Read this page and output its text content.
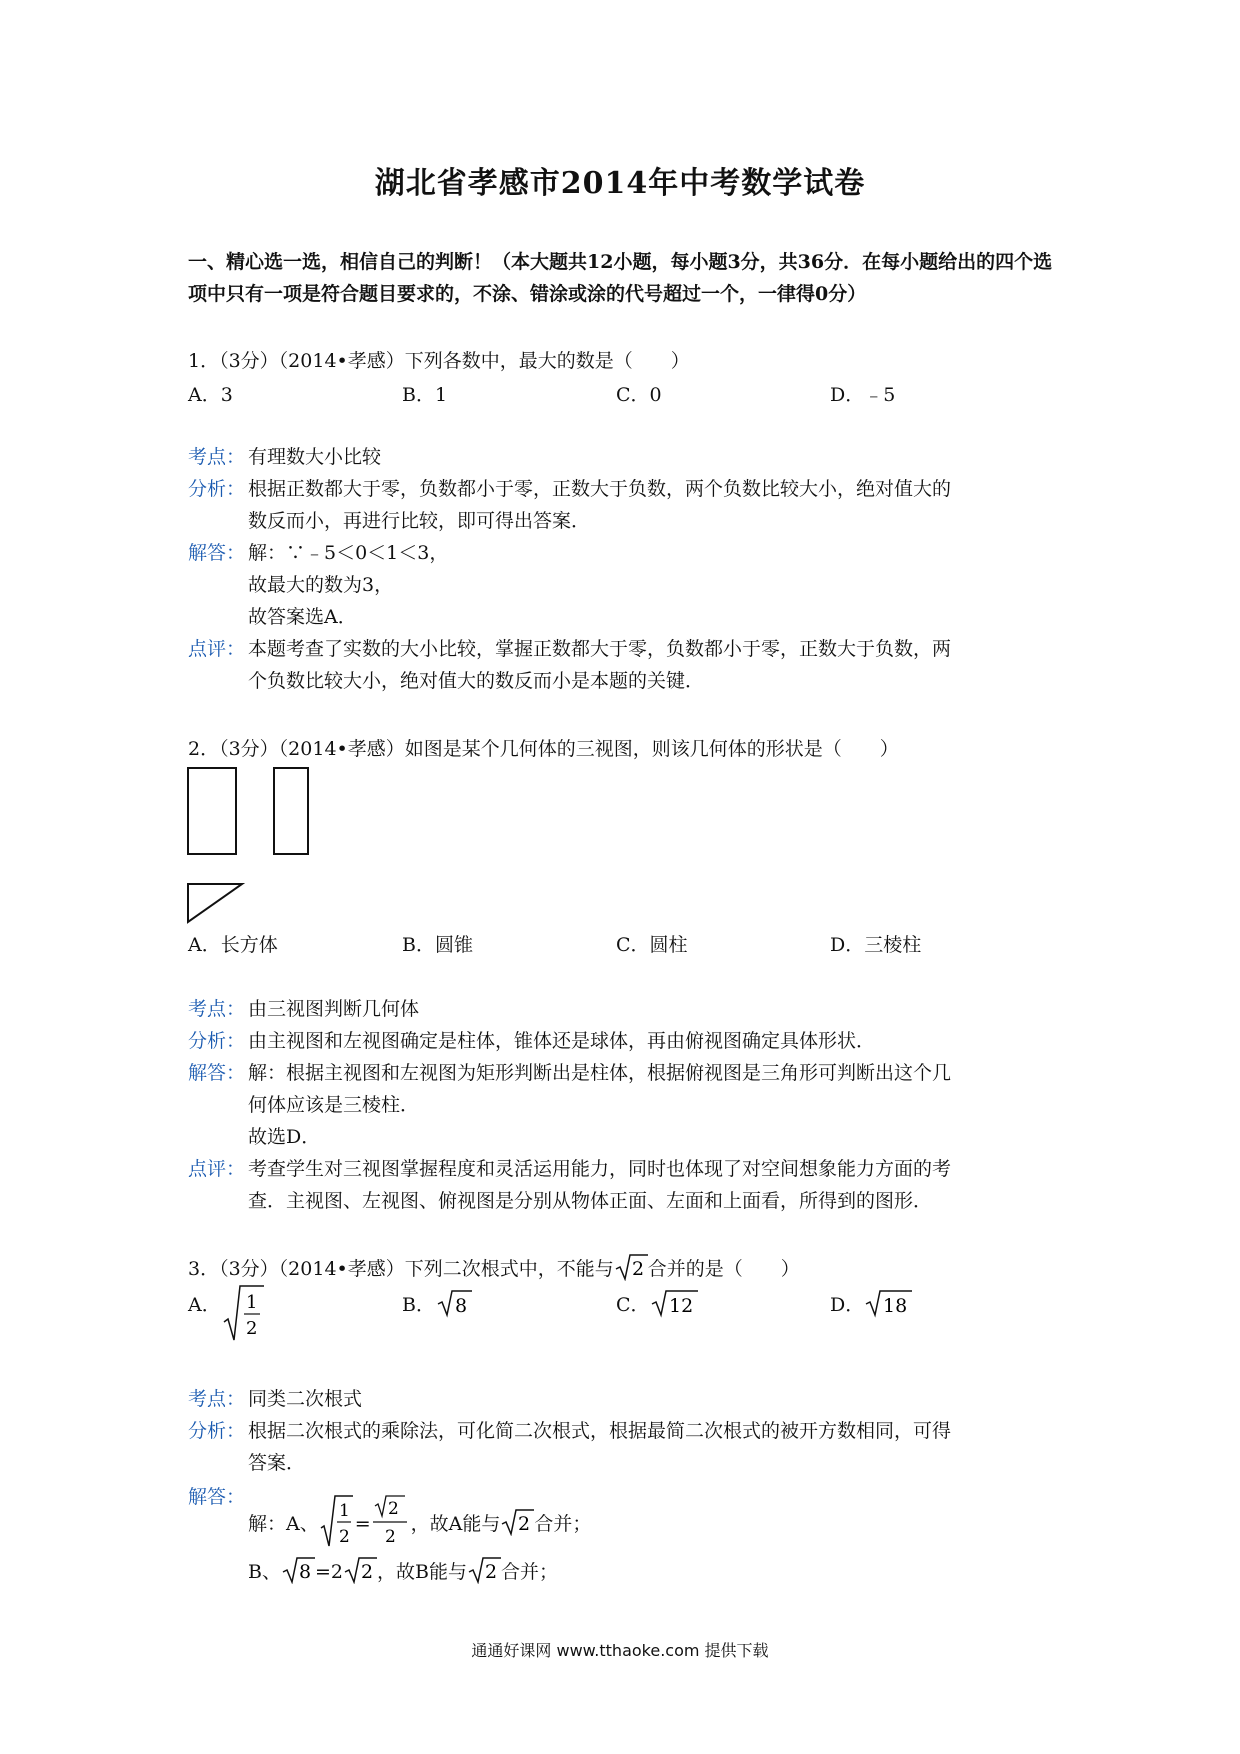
湖北省孝感市2014年中考数学试卷
一、精心选一选，相信自己的判断！（本大题共12小题，每小题3分，共36分．在每小题给出的四个选项中只有一项是符合题目要求的，不涂、错涂或涂的代号超过一个，一律得0分）
1．（3分）（2014•孝感）下列各数中，最大的数是（　　）
A．3	B．1	C．0	D．﹣5
考点： 有理数大小比较
分析： 根据正数都大于零，负数都小于零，正数大于负数，两个负数比较大小，绝对值大的
数反而小，再进行比较，即可得出答案．
解答： 解：∵﹣5＜0＜1＜3，
故最大的数为3，
故答案选A．
点评： 本题考查了实数的大小比较，掌握正数都大于零，负数都小于零，正数大于负数，两
个负数比较大小，绝对值大的数反而小是本题的关键．
2．（3分）（2014•孝感）如图是某个几何体的三视图，则该几何体的形状是（　　）
A．长方体	B．圆锥	C．圆柱	D．三棱柱
考点： 由三视图判断几何体
分析： 由主视图和左视图确定是柱体，锥体还是球体，再由俯视图确定具体形状．
解答： 解：根据主视图和左视图为矩形判断出是柱体，根据俯视图是三角形可判断出这个几
何体应该是三棱柱．
故选D．
点评： 考查学生对三视图掌握程度和灵活运用能力，同时也体现了对空间想象能力方面的考
查．主视图、左视图、俯视图是分别从物体正面、左面和上面看，所得到的图形．
3．（3分）（2014•孝感）下列二次根式中，不能与 2 合并的是（　　）
A． 1
2
B． 8	C． 12	D． 18
考点： 同类二次根式
分析： 根据二次根式的乘除法，可化简二次根式，根据最简二次根式的被开方数相同，可得
答案．
解答：
解：A、
1
2
=
2
2
，故A能与 2 合并；
B、 8 =2 2 ，故B能与 2 合并；
通通好课网 www.tthaoke.com 提供下载
